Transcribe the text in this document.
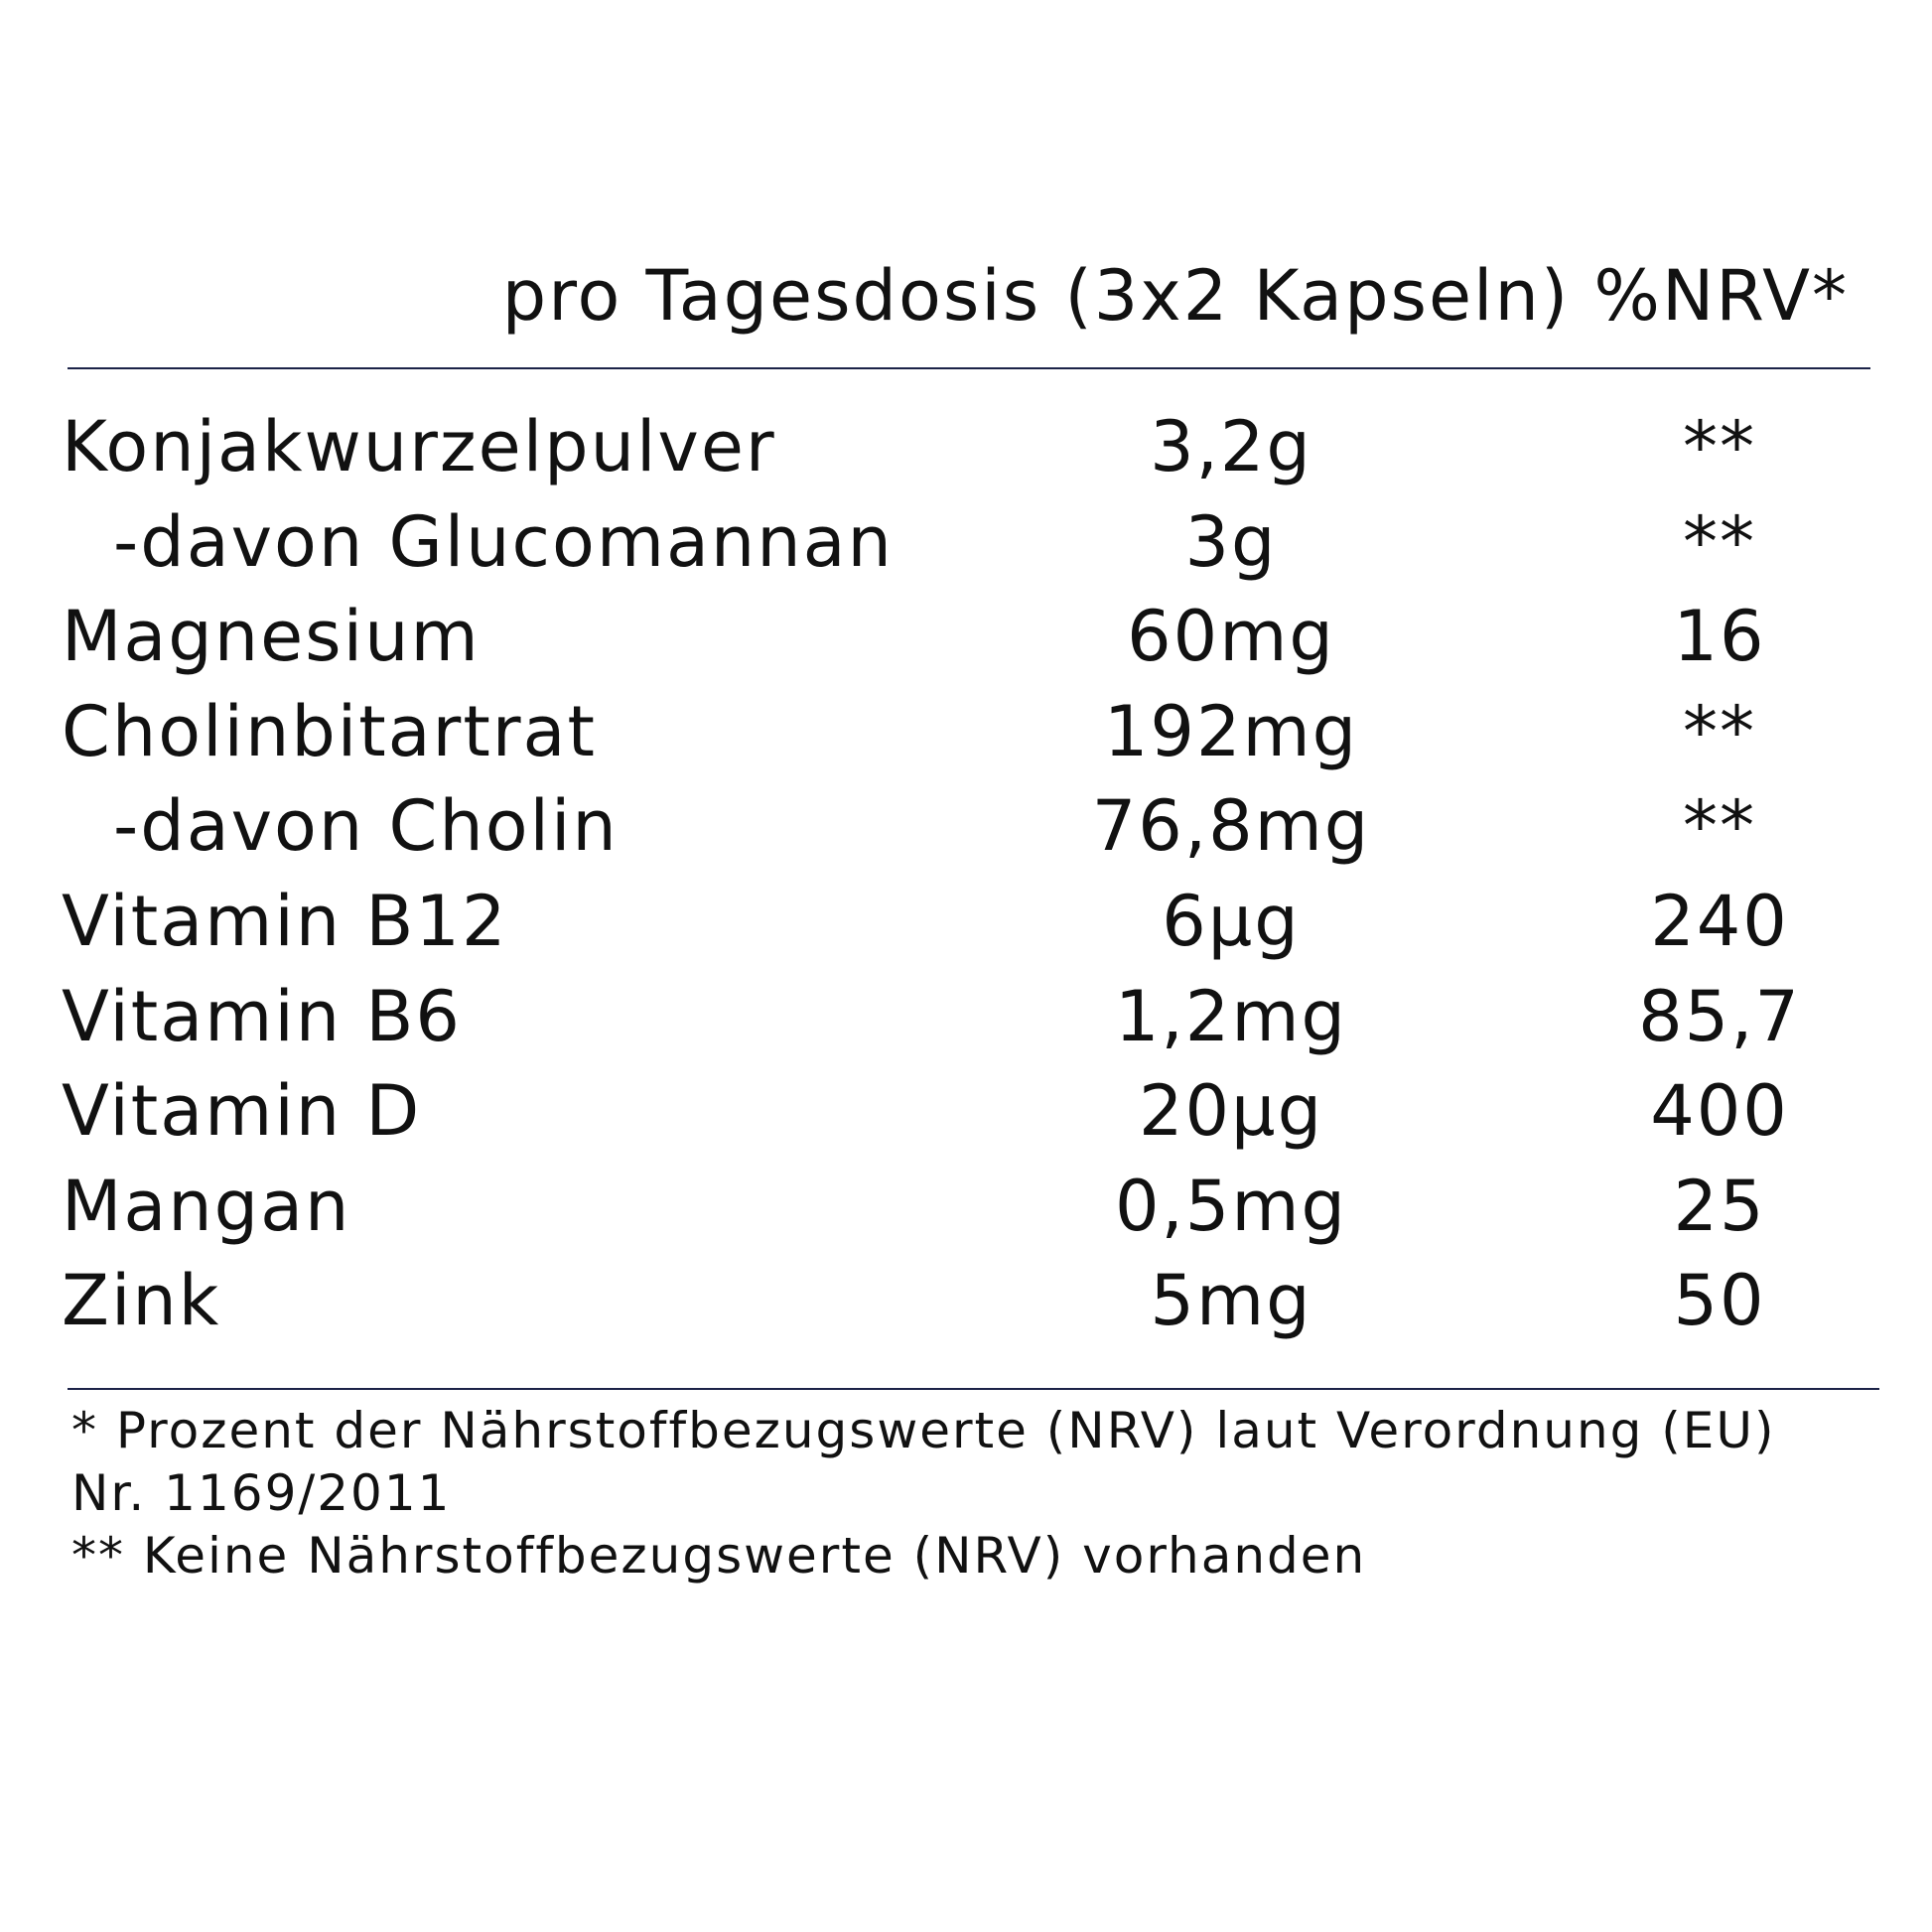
pro Tagesdosis (3x2 Kapseln) %NRV*
Konjakwurzelpulver	3,2g	**
-davon Glucomannan	3g	**
Magnesium	60mg	16
Cholinbitartrat	192mg	**
-davon Cholin	76,8mg	**
Vitamin B12	6µg	240
Vitamin B6	1,2mg	85,7
Vitamin D	20µg	400
Mangan	0,5mg	25
Zink	5mg	50
* Prozent der Nährstoffbezugswerte (NRV) laut Verordnung (EU)
Nr. 1169/2011
** Keine Nährstoffbezugswerte (NRV) vorhanden
